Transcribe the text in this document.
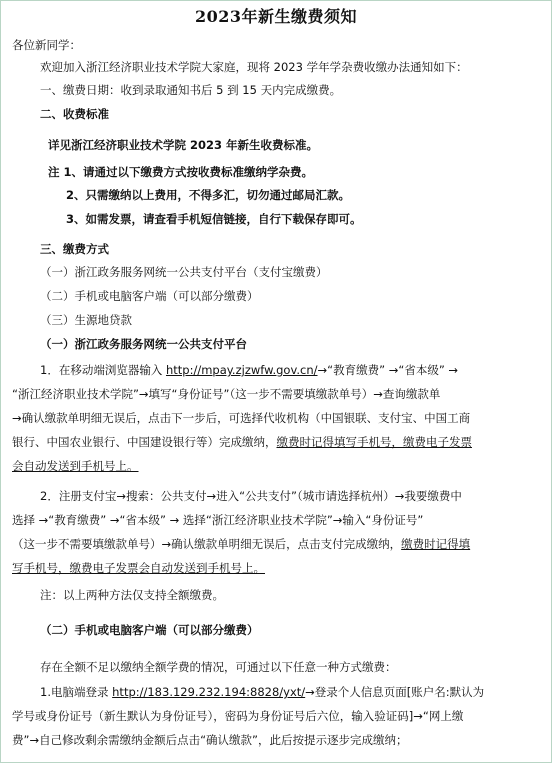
2023年新生缴费须知
各位新同学：
欢迎加入浙江经济职业技术学院大家庭，现将 2023 学年学杂费收缴办法通知如下：
一、缴费日期：收到录取通知书后 5 到 15 天内完成缴费。
二、收费标准
详见浙江经济职业技术学院 2023 年新生收费标准。
注 1、请通过以下缴费方式按收费标准缴纳学杂费。
2、只需缴纳以上费用，不得多汇，切勿通过邮局汇款。
3、如需发票，请查看手机短信链接，自行下载保存即可。
三、缴费方式
（一）浙江政务服务网统一公共支付平台（支付宝缴费）
（二）手机或电脑客户端（可以部分缴费）
（三）生源地贷款
（一）浙江政务服务网统一公共支付平台
1．在移动端浏览器输入 http://mpay.zjzwfw.gov.cn/→“教育缴费” →“省本级” →
“浙江经济职业技术学院”→填写“身份证号”（这一步不需要填缴款单号）→查询缴款单
→确认缴款单明细无误后，点击下一步后，可选择代收机构（中国银联、支付宝、中国工商
银行、中国农业银行、中国建设银行等）完成缴纳，缴费时记得填写手机号，缴费电子发票
会自动发送到手机号上。
2．注册支付宝→搜索：公共支付→进入“公共支付”（城市请选择杭州）→我要缴费中
选择 →“教育缴费” →“省本级” → 选择“浙江经济职业技术学院”→输入“身份证号”
（这一步不需要填缴款单号）→确认缴款单明细无误后，点击支付完成缴纳，缴费时记得填
写手机号，缴费电子发票会自动发送到手机号上。
注：以上两种方法仅支持全额缴费。
（二）手机或电脑客户端（可以部分缴费）
存在全额不足以缴纳全额学费的情况，可通过以下任意一种方式缴费：
1.电脑端登录 http://183.129.232.194:8828/yxt/→登录个人信息页面[账户名:默认为
学号或身份证号（新生默认为身份证号），密码为身份证号后六位，输入验证码]→“网上缴
费”→自己修改剩余需缴纳金额后点击“确认缴款”，此后按提示逐步完成缴纳；
